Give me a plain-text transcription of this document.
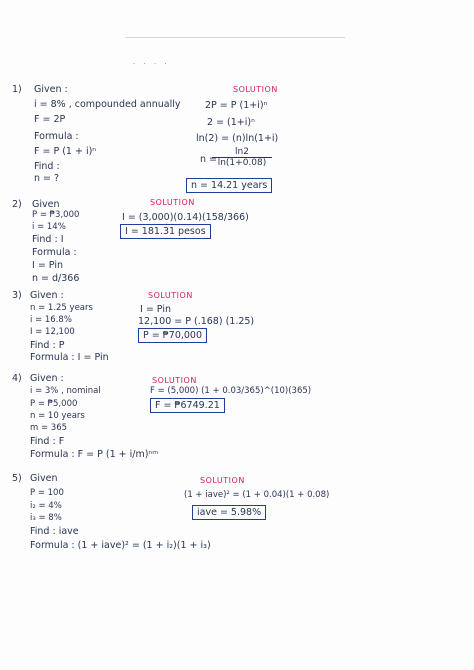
. . . .
1) Given :
i = 8% , compounded annually
F = 2P
Formula :
F = P (1 + i)ⁿ
Find :
n = ?
SOLUTION
2P = P (1+i)ⁿ
2 = (1+i)ⁿ
ln(2) = (n)ln(1+i)
n =
$\frac{\ln 2}{\ln(1+0.08)}$
n = 14.21 years
2) Given
P = ₱3,000
i = 14%
Find : I
Formula :
I = Pin
n = d/366
SOLUTION
I = (3,000)(0.14)(158/366)
I = 181.31 pesos
3) Given :
n = 1.25 years
i = 16.8%
I = 12,100
Find : P
Formula : I = Pin
SOLUTION
I = Pin
12,100 = P (.168) (1.25)
P = ₱70,000
4) Given :
i = 3% , nominal
P = ₱5,000
n = 10 years
m = 365
Find : F
Formula : F = P (1 + i/m)ⁿᵐ
SOLUTION
F = (5,000) (1 + 0.03/365)^(10)(365)
F = ₱6749.21
5) Given
P = 100
i₂ = 4%
i₃ = 8%
Find : iave
Formula : (1 + iave)² = (1 + i₂)(1 + i₃)
SOLUTION
(1 + iave)² = (1 + 0.04)(1 + 0.08)
iave = 5.98%
